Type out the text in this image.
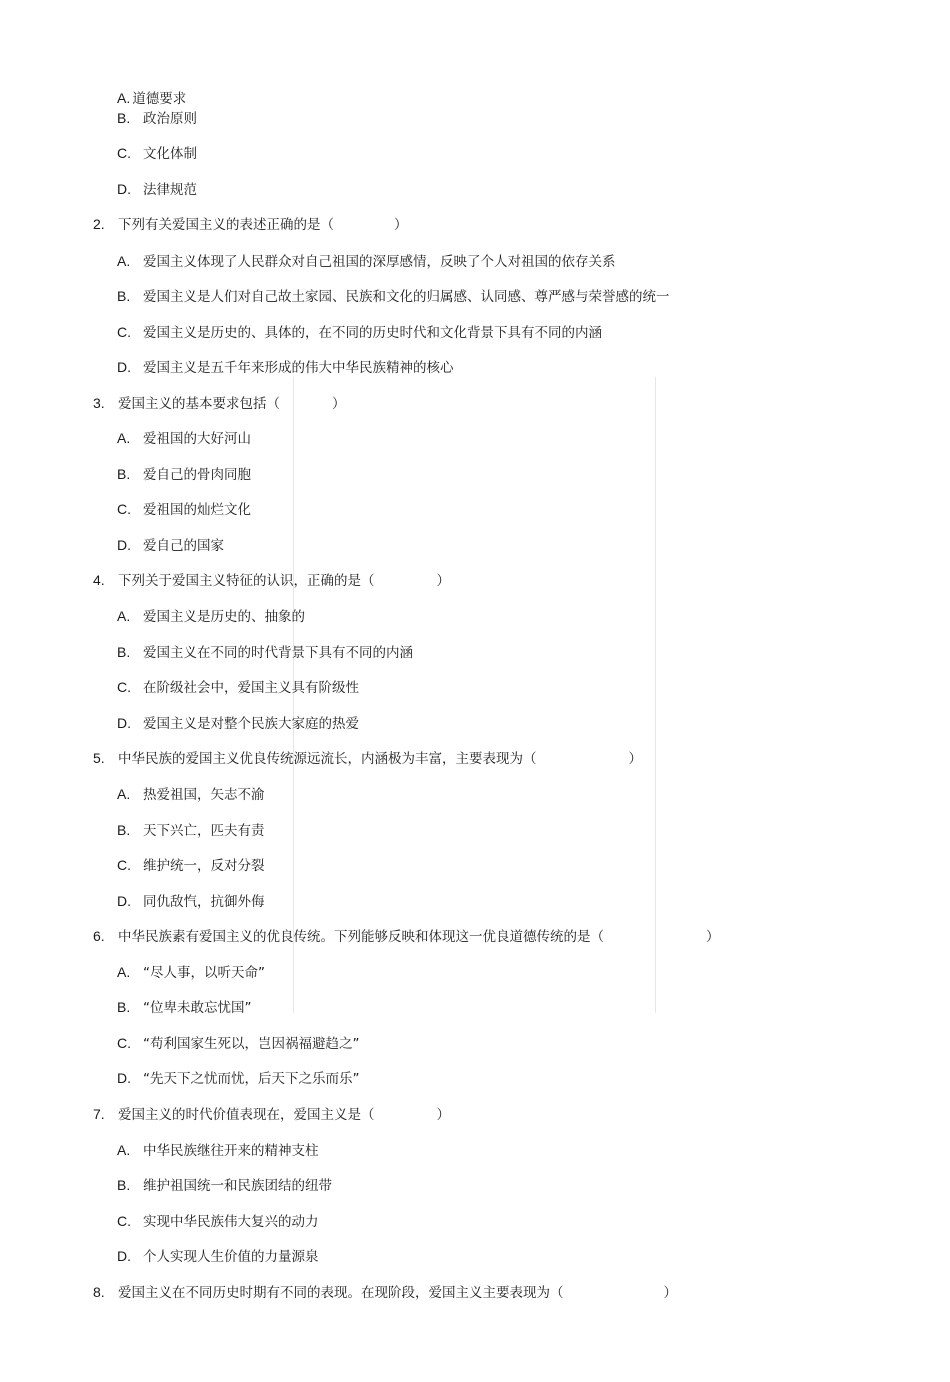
A. 道德要求
B. 政治原则
C. 文化体制
D. 法律规范
2. 下列有关爱国主义的表述正确的是（	）
A. 爱国主义体现了人民群众对自己祖国的深厚感情，反映了个人对祖国的依存关系
B. 爱国主义是人们对自己故土家园、民族和文化的归属感、认同感、尊严感与荣誉感的统一
C. 爱国主义是历史的、具体的，在不同的历史时代和文化背景下具有不同的内涵
D. 爱国主义是五千年来形成的伟大中华民族精神的核心
3. 爱国主义的基本要求包括（	）
A. 爱祖国的大好河山
B. 爱自己的骨肉同胞
C. 爱祖国的灿烂文化
D. 爱自己的国家
4. 下列关于爱国主义特征的认识，正确的是（	）
A. 爱国主义是历史的、抽象的
B. 爱国主义在不同的时代背景下具有不同的内涵
C. 在阶级社会中，爱国主义具有阶级性
D. 爱国主义是对整个民族大家庭的热爱
5. 中华民族的爱国主义优良传统源远流长，内涵极为丰富，主要表现为（	）
A. 热爱祖国，矢志不渝
B. 天下兴亡，匹夫有责
C. 维护统一，反对分裂
D. 同仇敌忾，抗御外侮
6. 中华民族素有爱国主义的优良传统。下列能够反映和体现这一优良道德传统的是（	）
A. “尽人事，以听天命”
B. “位卑未敢忘忧国”
C. “苟利国家生死以，岂因祸福避趋之”
D. “先天下之忧而忧，后天下之乐而乐”
7. 爱国主义的时代价值表现在，爱国主义是（	）
A. 中华民族继往开来的精神支柱
B. 维护祖国统一和民族团结的纽带
C. 实现中华民族伟大复兴的动力
D. 个人实现人生价值的力量源泉
8. 爱国主义在不同历史时期有不同的表现。在现阶段，爱国主义主要表现为（	）
